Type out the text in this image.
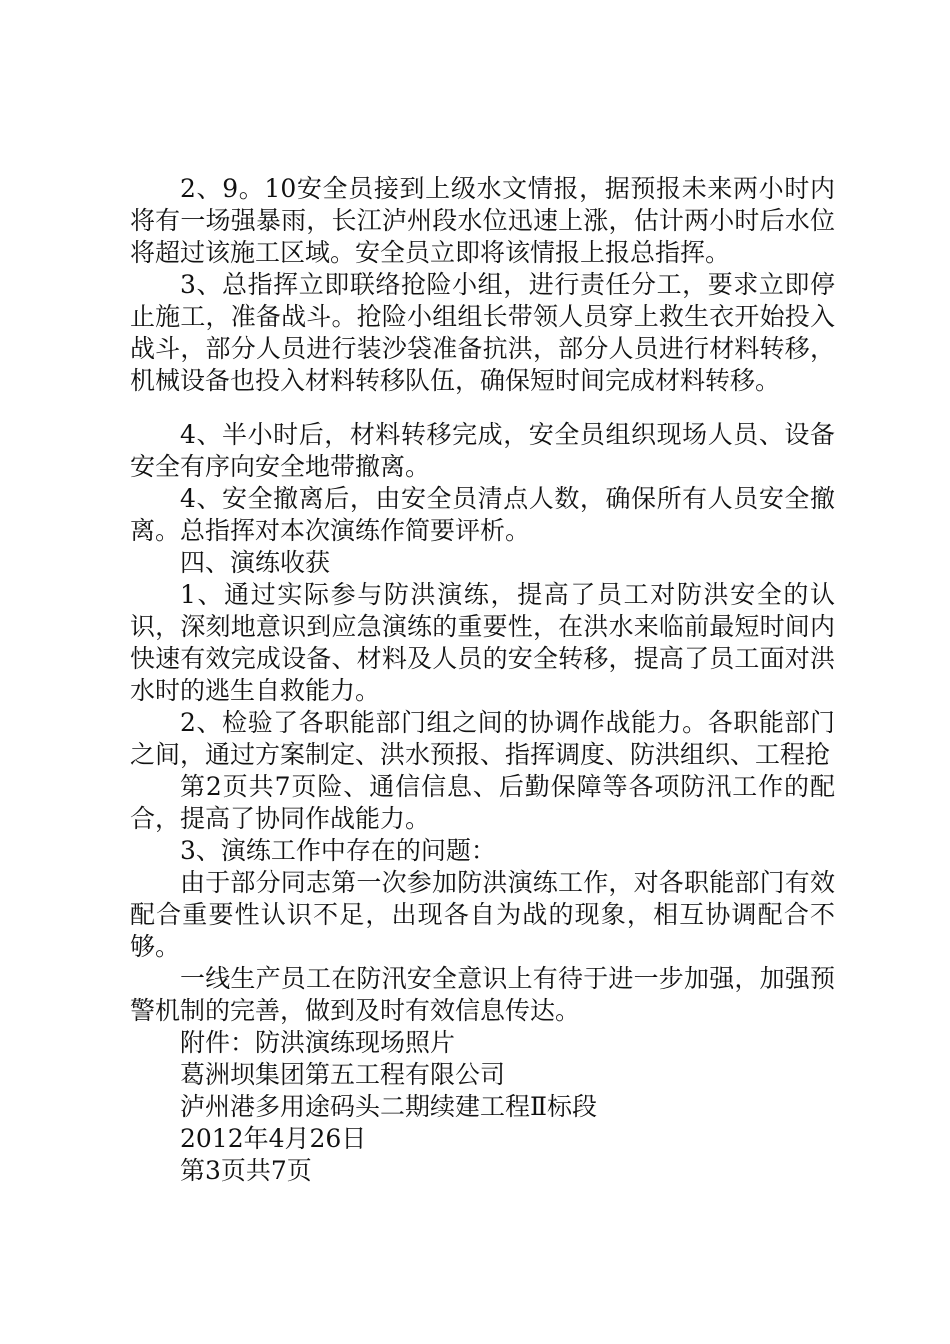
2、9。10安全员接到上级水文情报，据预报未来两小时内将有一场强暴雨，长江泸州段水位迅速上涨，估计两小时后水位将超过该施工区域。安全员立即将该情报上报总指挥。

3、总指挥立即联络抢险小组，进行责任分工，要求立即停止施工，准备战斗。抢险小组组长带领人员穿上救生衣开始投入战斗，部分人员进行装沙袋准备抗洪，部分人员进行材料转移，机械设备也投入材料转移队伍，确保短时间完成材料转移。

4、半小时后，材料转移完成，安全员组织现场人员、设备安全有序向安全地带撤离。

4、安全撤离后，由安全员清点人数，确保所有人员安全撤离。总指挥对本次演练作简要评析。

四、演练收获

1、通过实际参与防洪演练，提高了员工对防洪安全的认识，深刻地意识到应急演练的重要性，在洪水来临前最短时间内快速有效完成设备、材料及人员的安全转移，提高了员工面对洪水时的逃生自救能力。

2、检验了各职能部门组之间的协调作战能力。各职能部门之间，通过方案制定、洪水预报、指挥调度、防洪组织、工程抢

第2页共7页险、通信信息、后勤保障等各项防汛工作的配合，提高了协同作战能力。

3、演练工作中存在的问题：

由于部分同志第一次参加防洪演练工作，对各职能部门有效配合重要性认识不足，出现各自为战的现象，相互协调配合不够。

一线生产员工在防汛安全意识上有待于进一步加强，加强预警机制的完善，做到及时有效信息传达。

附件：防洪演练现场照片

葛洲坝集团第五工程有限公司

泸州港多用途码头二期续建工程Ⅱ标段

2012年4月26日

第3页共7页
